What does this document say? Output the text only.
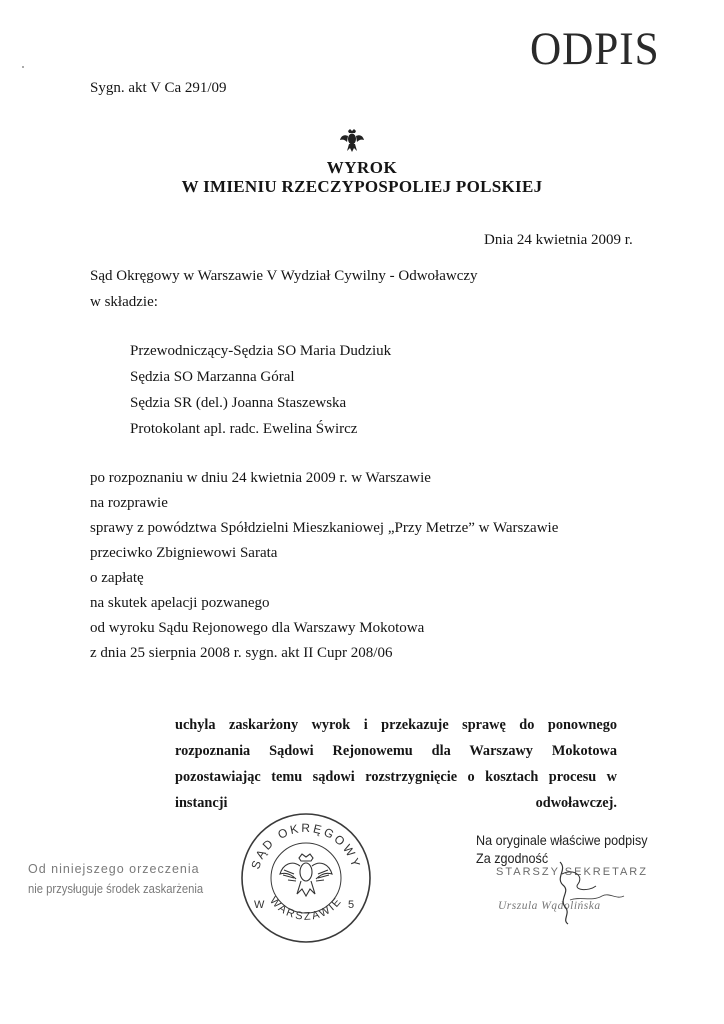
ODPIS
Sygn. akt V Ca 291/09
WYROK
W IMIENIU RZECZYPOSPOLIEJ POLSKIEJ
Dnia 24 kwietnia 2009 r.
Sąd Okręgowy w Warszawie V Wydział Cywilny - Odwoławczy
w składzie:
Przewodniczący-Sędzia SO Maria Dudziuk
Sędzia SO Marzanna Góral
Sędzia SR (del.) Joanna Staszewska
Protokolant apl. radc. Ewelina Śwircz
po rozpoznaniu w dniu 24 kwietnia 2009 r. w Warszawie
na rozprawie
sprawy z powództwa Spółdzielni Mieszkaniowej „Przy Metrze” w Warszawie
przeciwko Zbigniewowi Sarata
o zapłatę
na skutek apelacji pozwanego
od wyroku Sądu Rejonowego dla Warszawy Mokotowa
z dnia 25 sierpnia 2008 r. sygn. akt II Cupr 208/06
uchyla zaskarżony wyrok i przekazuje sprawę do ponownego rozpoznania Sądowi Rejonowemu dla Warszawy Mokotowa pozostawiając temu sądowi rozstrzygnięcie o kosztach procesu w instancji odwoławczej.
SĄD OKRĘGOWY
WARSZAWIE
W	5
Od niniejszego orzeczenia
nie przysługuje środek zaskarżenia
Na oryginale właściwe podpisy
Za zgodność
STARSZY SEKRETARZ
Urszula Wądolińska
